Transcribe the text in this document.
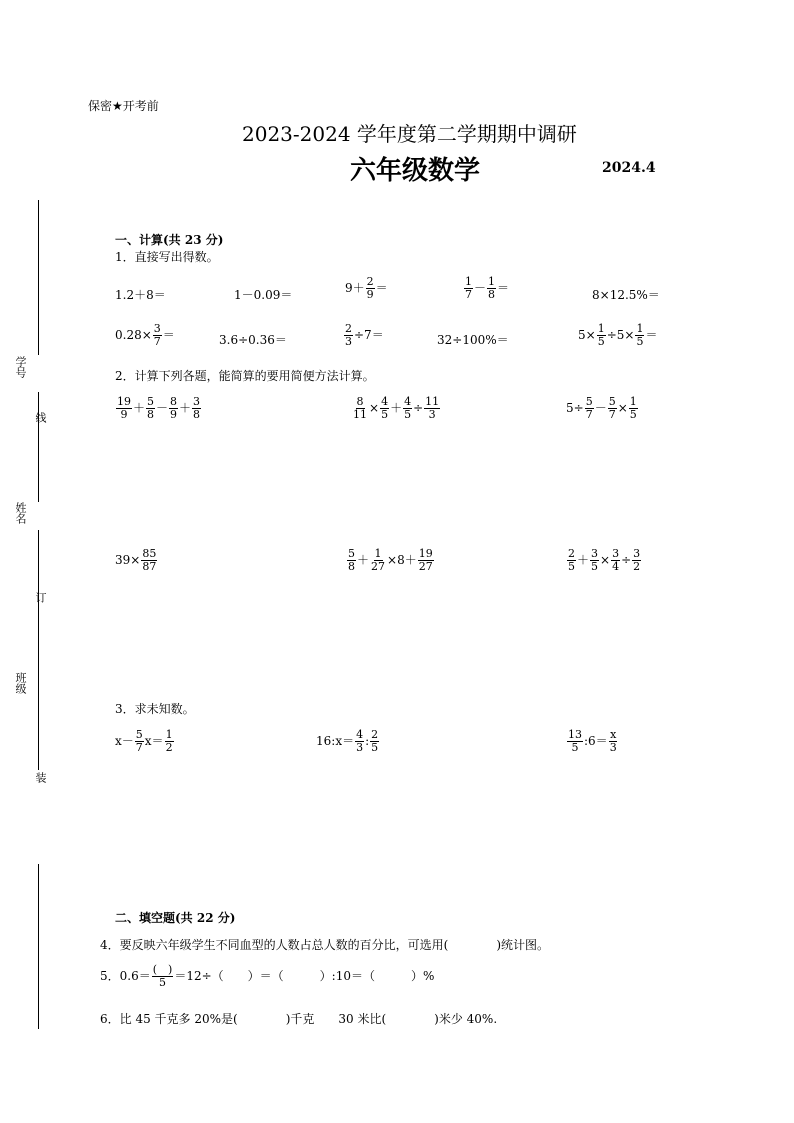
保密★开考前
2023-2024 学年度第二学期期中调研
六年级数学	2024.4
学号
线
姓名
订
班级
装
一、计算(共 23 分)
1．直接写出得数。
1.2＋8＝	1－0.09＝	$9+ \frac{2}{9}$ ＝	$\frac{1}{7} - \frac{1}{8}$ ＝	8×12.5%＝
$0.28\times \frac{3}{7}$ ＝	3.6÷0.36＝	$\frac{2}{3} \div 7=$	32÷100%＝	$5\times \frac{1}{5} \div 5\times \frac{1}{5}$ ＝
2．计算下列各题，能简算的要用简便方法计算。
$\frac{19}{9} + \frac{5}{8} - \frac{8}{9} + \frac{3}{8}$	$\frac{8}{11} \times \frac{4}{5} + \frac{4}{5} \div \frac{11}{3}$	$5\div \frac{5}{7} - \frac{5}{7} \times \frac{1}{5}$
$39\times \frac{85}{87}$	$\frac{5}{8} + \frac{1}{27} \times 8+ \frac{19}{27}$	$\frac{2}{5} + \frac{3}{5} \times \frac{3}{4} \div \frac{3}{2}$
3．求未知数。
$x- \frac{5}{7} x= \frac{1}{2}$	16:x＝ $\frac{4}{3}$ : $\frac{2}{5}$	$\frac{13}{5}$ :6＝ $\frac{x}{3}$
二、填空题(共 22 分)
4．要反映六年级学生不同血型的人数占总人数的百分比，可选用(　　　　)统计图。
5．$0.6= \frac{( )}{5} =12\div$（　　）＝（　　　）:10＝（　　　）%
6．比 45 千克多 20%是(　　　　)千克　　30 米比(　　　　)米少 40%.
